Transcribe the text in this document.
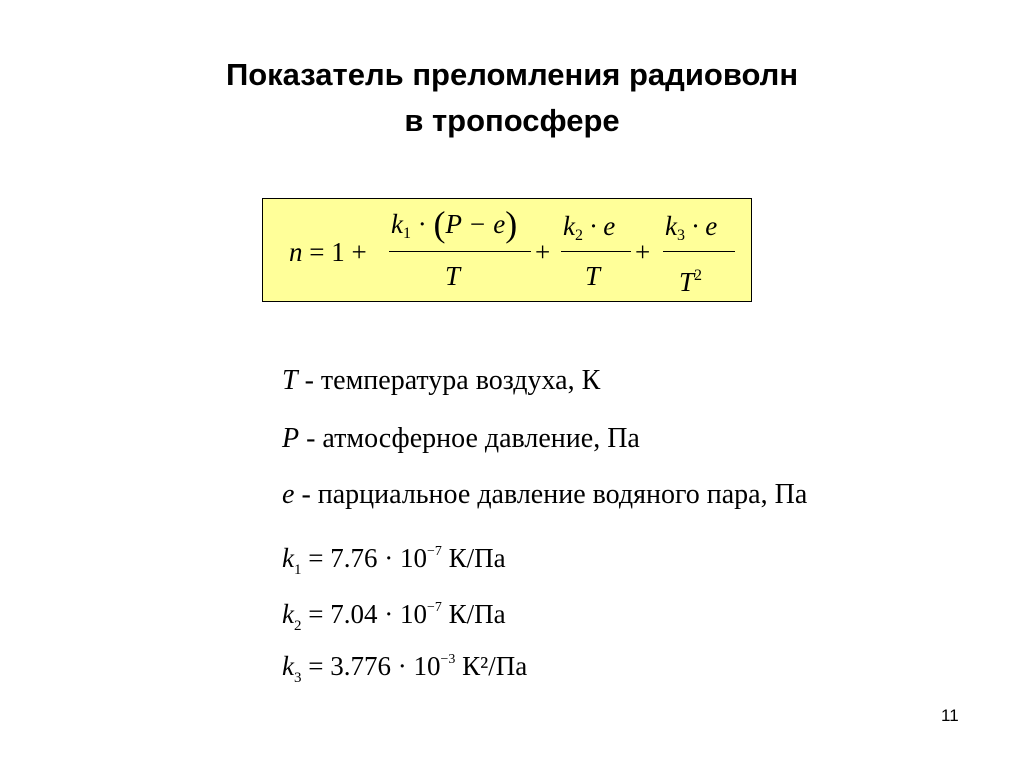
Показатель преломления радиоволн
в тропосфере
n = 1 +
$k_1 \cdot (P - e)$
T
+
$k_2 \cdot e$
T
+
$k_3 \cdot e$
$T^2$
T - температура воздуха, К
P - атмосферное давление, Па
e - парциальное давление водяного пара, Па
$k_1 = 7.76 \cdot 10^{-7}$ К/Па
$k_2 = 7.04 \cdot 10^{-7}$ К/Па
$k_3 = 3.776 \cdot 10^{-3}$ К²/Па
11
